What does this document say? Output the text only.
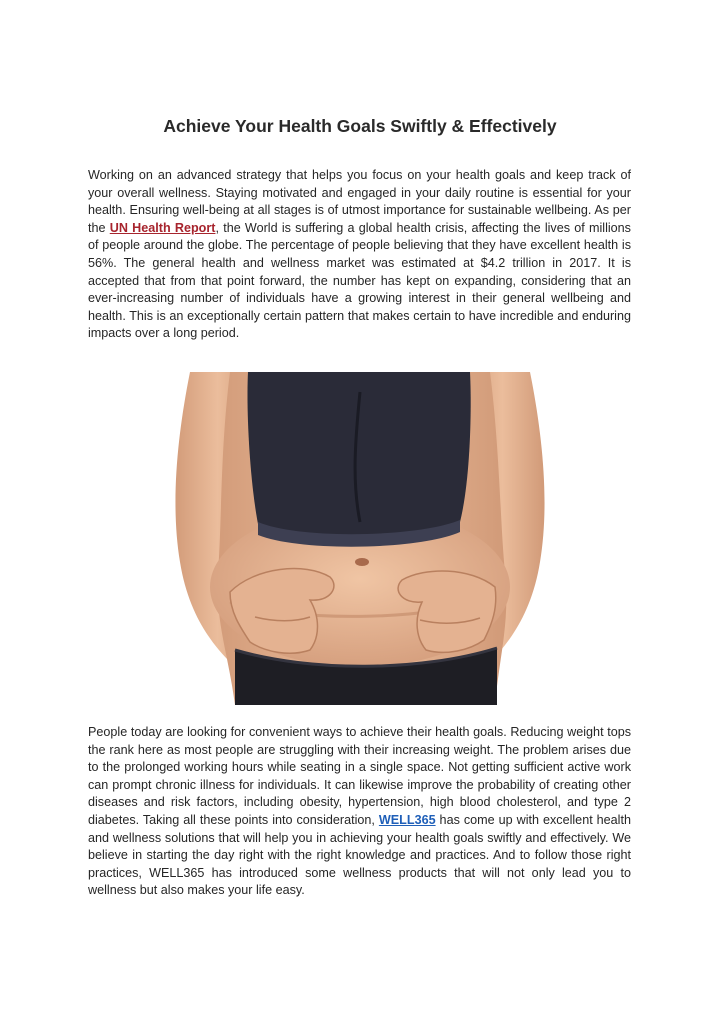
Achieve Your Health Goals Swiftly & Effectively

Working on an advanced strategy that helps you focus on your health goals and keep track of your overall wellness. Staying motivated and engaged in your daily routine is essential for your health. Ensuring well-being at all stages is of utmost importance for sustainable wellbeing. As per the UN Health Report, the World is suffering a global health crisis, affecting the lives of millions of people around the globe. The percentage of people believing that they have excellent health is 56%. The general health and wellness market was estimated at $4.2 trillion in 2017. It is accepted that from that point forward, the number has kept on expanding, considering that an ever-increasing number of individuals have a growing interest in their general wellbeing and health. This is an exceptionally certain pattern that makes certain to have incredible and enduring impacts over a long period.

People today are looking for convenient ways to achieve their health goals. Reducing weight tops the rank here as most people are struggling with their increasing weight. The problem arises due to the prolonged working hours while seating in a single space. Not getting sufficient active work can prompt chronic illness for individuals. It can likewise improve the probability of creating other diseases and risk factors, including obesity, hypertension, high blood cholesterol, and type 2 diabetes. Taking all these points into consideration, WELL365 has come up with excellent health and wellness solutions that will help you in achieving your health goals swiftly and effectively. We believe in starting the day right with the right knowledge and practices. And to follow those right practices, WELL365 has introduced some wellness products that will not only lead you to wellness but also makes your life easy.
